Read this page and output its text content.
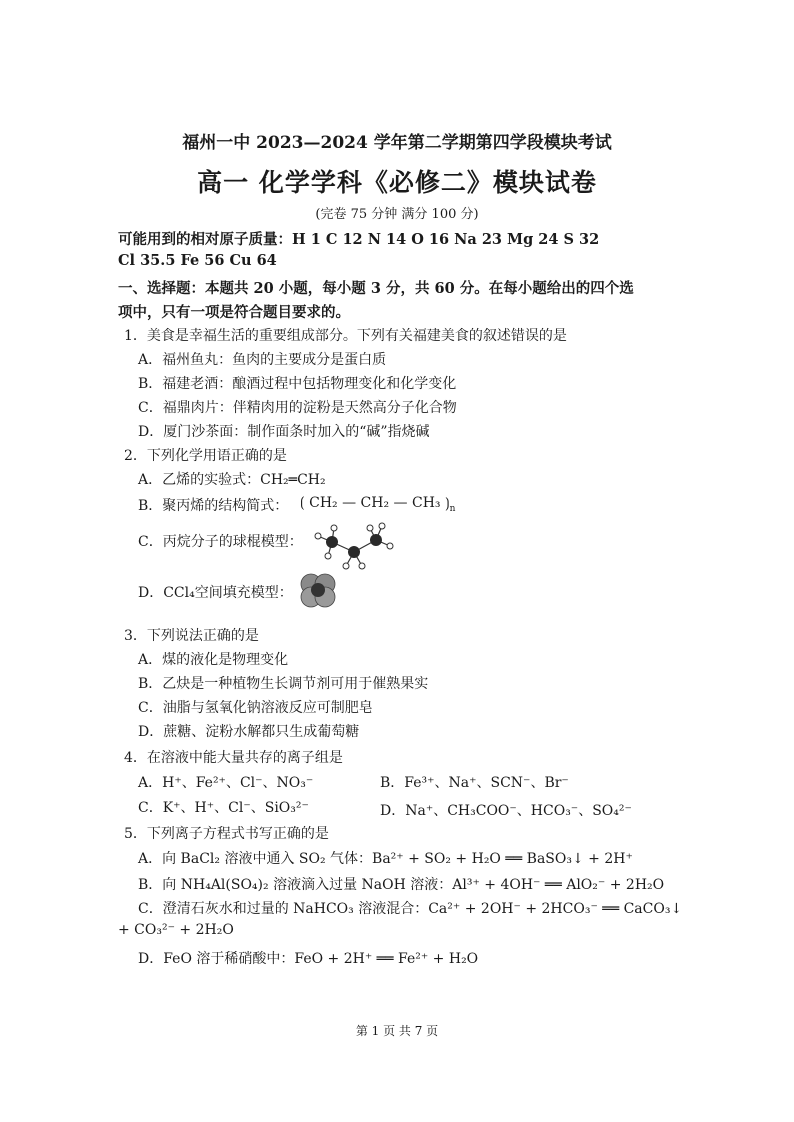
福州一中 2023—2024 学年第二学期第四学段模块考试
高一 化学学科《必修二》模块试卷
(完卷 75 分钟 满分 100 分)
可能用到的相对原子质量：H 1 C 12 N 14 O 16 Na 23 Mg 24 S 32
Cl 35.5 Fe 56 Cu 64
一、选择题：本题共 20 小题，每小题 3 分，共 60 分。在每小题给出的四个选
项中，只有一项是符合题目要求的。
1．美食是幸福生活的重要组成部分。下列有关福建美食的叙述错误的是
A．福州鱼丸：鱼肉的主要成分是蛋白质
B．福建老酒：酿酒过程中包括物理变化和化学变化
C．福鼎肉片：伴精肉用的淀粉是天然高分子化合物
D．厦门沙茶面：制作面条时加入的“碱”指烧碱
2．下列化学用语正确的是
A．乙烯的实验式：CH₂═CH₂
B．聚丙烯的结构简式： ⟮ CH₂ — CH₂ — CH₃ $⟯_n$
C．丙烷分子的球棍模型：
D．CCl₄空间填充模型：
3．下列说法正确的是
A．煤的液化是物理变化
B．乙炔是一种植物生长调节剂可用于催熟果实
C．油脂与氢氧化钠溶液反应可制肥皂
D．蔗糖、淀粉水解都只生成葡萄糖
4．在溶液中能大量共存的离子组是
A．H⁺、Fe²⁺、Cl⁻、NO₃⁻	B．Fe³⁺、Na⁺、SCN⁻、Br⁻
C．K⁺、H⁺、Cl⁻、SiO₃²⁻	D．Na⁺、CH₃COO⁻、HCO₃⁻、SO₄²⁻
5．下列离子方程式书写正确的是
A．向 BaCl₂ 溶液中通入 SO₂ 气体：Ba²⁺ + SO₂ + H₂O ══ BaSO₃↓ + 2H⁺
B．向 NH₄Al(SO₄)₂ 溶液滴入过量 NaOH 溶液：Al³⁺ + 4OH⁻ ══ AlO₂⁻ + 2H₂O
C．澄清石灰水和过量的 NaHCO₃ 溶液混合：Ca²⁺ + 2OH⁻ + 2HCO₃⁻ ══ CaCO₃↓
+ CO₃²⁻ + 2H₂O
D．FeO 溶于稀硝酸中：FeO + 2H⁺ ══ Fe²⁺ + H₂O
第 1 页 共 7 页
